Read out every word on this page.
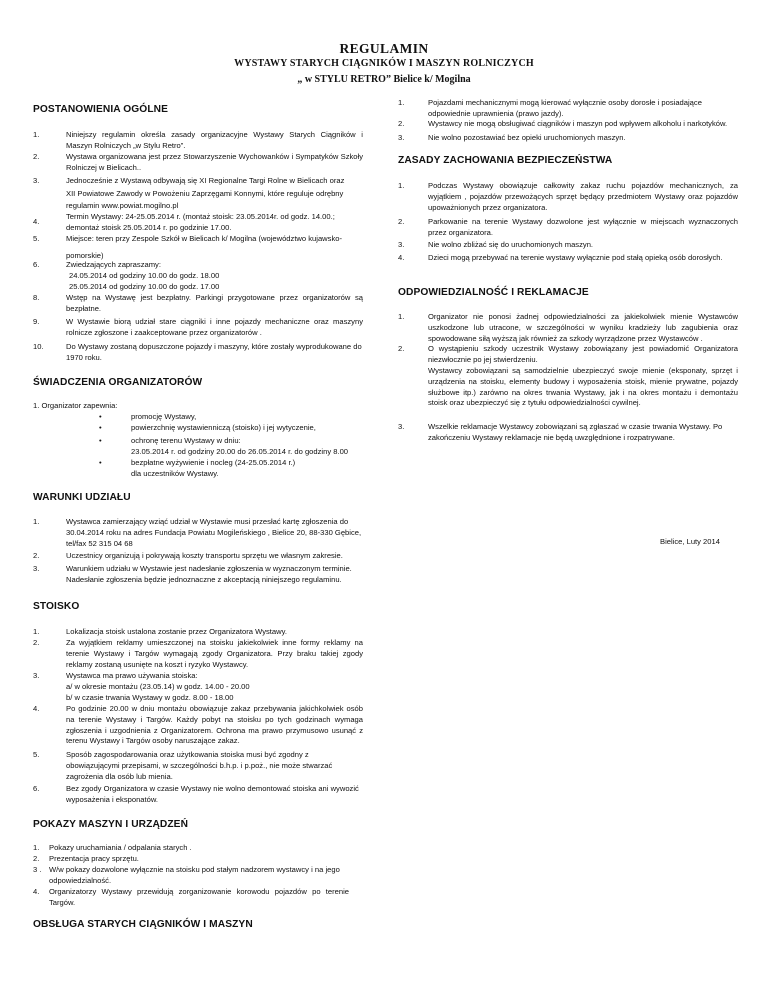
REGULAMIN
WYSTAWY STARYCH CIĄGNIKÓW I MASZYN ROLNICZYCH
„ w STYLU RETRO” Bielice k/ Mogilna
POSTANOWIENIA OGÓLNE
1.	Niniejszy regulamin określa zasady organizacyjne Wystawy Starych Ciągników i Maszyn Rolniczych „w Stylu Retro”.
2.	Wystawa organizowana jest przez Stowarzyszenie Wychowanków i Sympatyków Szkoły Rolniczej w Bielicach..
3.	Jednocześnie z Wystawą odbywają się XI Regionalne Targi Rolne w Bielicach oraz
XII Powiatowe Zawody w Powożeniu Zaprzęgami Konnymi, które reguluje odrębny
regulamin www.powiat.mogilno.pl
4.
Termin Wystawy: 24-25.05.2014 r. (montaż stoisk: 23.05.2014r. od godz. 14.00.; demontaż stoisk 25.05.2014 r. po godzinie 17.00.
5.	Miejsce: teren przy Zespole Szkół w Bielicach k/ Mogilna (województwo kujawsko-pomorskie)
6.	Zwiedzających zapraszamy:
24.05.2014 od godziny 10.00 do godz. 18.00
25.05.2014 od godziny 10.00 do godz. 17.00
8.	Wstęp na Wystawę jest bezpłatny. Parkingi przygotowane przez organizatorów są bezpłatne.
9.	W Wystawie biorą udział stare ciągniki i inne pojazdy mechaniczne oraz maszyny rolnicze zgłoszone i zaakceptowane przez organizatorów .
10.	Do Wystawy zostaną dopuszczone pojazdy i maszyny, które zostały wyprodukowane do 1970 roku.
ŚWIADCZENIA ORGANIZATORÓW
1. Organizator zapewnia:
•	promocję Wystawy,
•	powierzchnię wystawienniczą (stoisko) i jej wytyczenie,
•	ochronę terenu Wystawy w dniu:
23.05.2014 r. od godziny 20.00 do 26.05.2014 r. do godziny 8.00
•	bezpłatne wyżywienie i nocleg (24-25.05.2014 r.)
dla uczestników Wystawy.
WARUNKI UDZIAŁU
1.	Wystawca zamierzający wziąć udział w Wystawie musi przesłać kartę zgłoszenia do 30.04.2014 roku na adres Fundacja Powiatu Mogileńskiego , Bielice 20, 88-330 Gębice, tel/fax 52 315 04 68
2.	Uczestnicy organizują i pokrywają koszty transportu sprzętu we własnym zakresie.
3.	Warunkiem udziału w Wystawie jest nadesłanie zgłoszenia w wyznaczonym terminie. Nadesłanie zgłoszenia będzie jednoznaczne z akceptacją niniejszego regulaminu.
STOISKO
1.	Lokalizacja stoisk ustalona zostanie przez Organizatora Wystawy.
2.	Za wyjątkiem reklamy umieszczonej na stoisku jakiekolwiek inne formy reklamy na terenie Wystawy i Targów wymagają zgody Organizatora. Przy braku takiej zgody reklamy zostaną usunięte na koszt i ryzyko Wystawcy.
3.	Wystawca ma prawo używania stoiska:
a/ w okresie montażu (23.05.14) w godz. 14.00 - 20.00
b/ w czasie trwania Wystawy w godz. 8.00 - 18.00
4.	Po godzinie 20.00 w dniu montażu obowiązuje zakaz przebywania jakichkolwiek osób na terenie Wystawy i Targów. Każdy pobyt na stoisku po tych godzinach wymaga zgłoszenia i uzgodnienia z Organizatorem. Ochrona ma prawo przymusowo usunąć z terenu Wystawy i Targów osoby naruszające zakaz.
5.	Sposób zagospodarowania oraz użytkowania stoiska musi być zgodny z obowiązującymi przepisami, w szczególności b.h.p. i p.poż., nie może stwarzać zagrożenia dla osób lub mienia.
6.	Bez zgody Organizatora w czasie Wystawy nie wolno demontować stoiska ani wywozić wyposażenia i eksponatów.
POKAZY MASZYN I URZĄDZEŃ
1. Pokazy uruchamiania / odpalania starych .
2. Prezentacja pracy sprzętu.
3 . W/w pokazy dozwolone wyłącznie na stoisku pod stałym nadzorem wystawcy i na jego odpowiedzialność.
4. Organizatorzy Wystawy przewidują zorganizowanie korowodu pojazdów po terenie Targów.
OBSŁUGA STARYCH CIĄGNIKÓW I MASZYN
1.	Pojazdami mechanicznymi mogą kierować wyłącznie osoby dorosłe i posiadające odpowiednie uprawnienia (prawo jazdy).
2.	Wystawcy nie mogą obsługiwać ciągników i maszyn pod wpływem alkoholu i narkotyków.
3.	Nie wolno pozostawiać bez opieki uruchomionych maszyn.
ZASADY ZACHOWANIA BEZPIECZEŃSTWA
1.	Podczas Wystawy obowiązuje całkowity zakaz ruchu pojazdów mechanicznych, za wyjątkiem , pojazdów przewożących sprzęt będący przedmiotem Wystawy oraz pojazdów upoważnionych przez organizatora.
2.	Parkowanie na terenie Wystawy dozwolone jest wyłącznie w miejscach wyznaczonych przez organizatora.
3.	Nie wolno zbliżać się do uruchomionych maszyn.
4.	Dzieci mogą przebywać na terenie wystawy wyłącznie pod stałą opieką osób dorosłych.
ODPOWIEDZIALNOŚĆ I REKLAMACJE
1.	Organizator nie ponosi żadnej odpowiedzialności za jakiekolwiek mienie Wystawców uszkodzone lub utracone, w szczególności w wyniku kradzieży lub zagubienia oraz spowodowane siłą wyższą jak również za szkody wyrządzone przez Wystawców .
2.	O wystąpieniu szkody uczestnik Wystawy zobowiązany jest powiadomić Organizatora niezwłocznie po jej stwierdzeniu.
Wystawcy zobowiązani są samodzielnie ubezpieczyć swoje mienie (eksponaty, sprzęt i urządzenia na stoisku, elementy budowy i wyposażenia stoisk, mienie prywatne, pojazdy służbowe itp.) zarówno na okres trwania Wystawy, jak i na okres montażu i demontażu stoisk oraz ubezpieczyć się z tytułu odpowiedzialności cywilnej.
3.	Wszelkie reklamacje Wystawcy zobowiązani są zgłaszać w czasie trwania Wystawy. Po zakończeniu Wystawy reklamacje nie będą uwzględnione i rozpatrywane.
Bielice, Luty 2014
